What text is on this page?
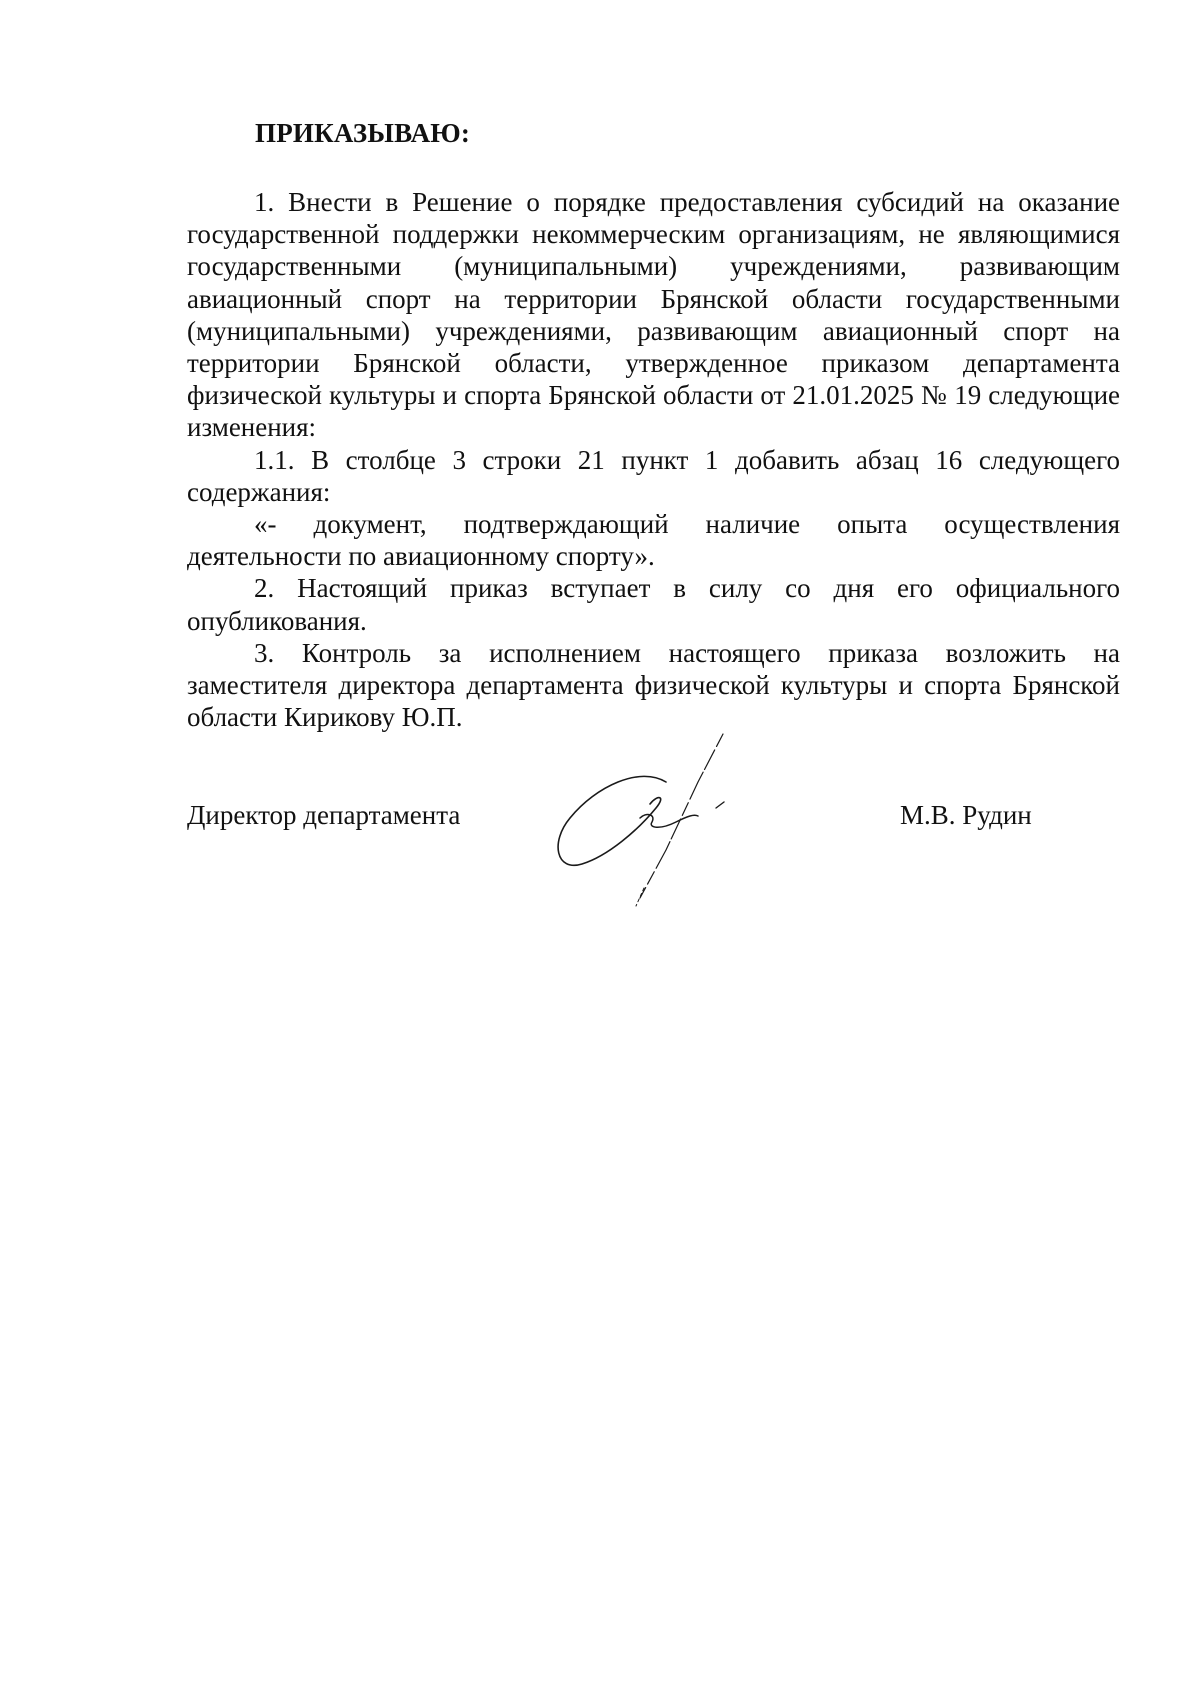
ПРИКАЗЫВАЮ:

1. Внести в Решение о порядке предоставления субсидий на оказание государственной поддержки некоммерческим организациям, не являющимися государственными (муниципальными) учреждениями, развивающим авиационный спорт на территории Брянской области государственными (муниципальными) учреждениями, развивающим авиационный спорт на территории Брянской области, утвержденное приказом департамента физической культуры и спорта Брянской области от 21.01.2025 № 19 следующие изменения:

1.1. В столбце 3 строки 21 пункт 1 добавить абзац 16 следующего содержания:

«- документ, подтверждающий наличие опыта осуществления деятельности по авиационному спорту».

2. Настоящий приказ вступает в силу со дня его официального опубликования.

3. Контроль за исполнением настоящего приказа возложить на заместителя директора департамента физической культуры и спорта Брянской области Кирикову Ю.П.

Директор департамента	М.В. Рудин
